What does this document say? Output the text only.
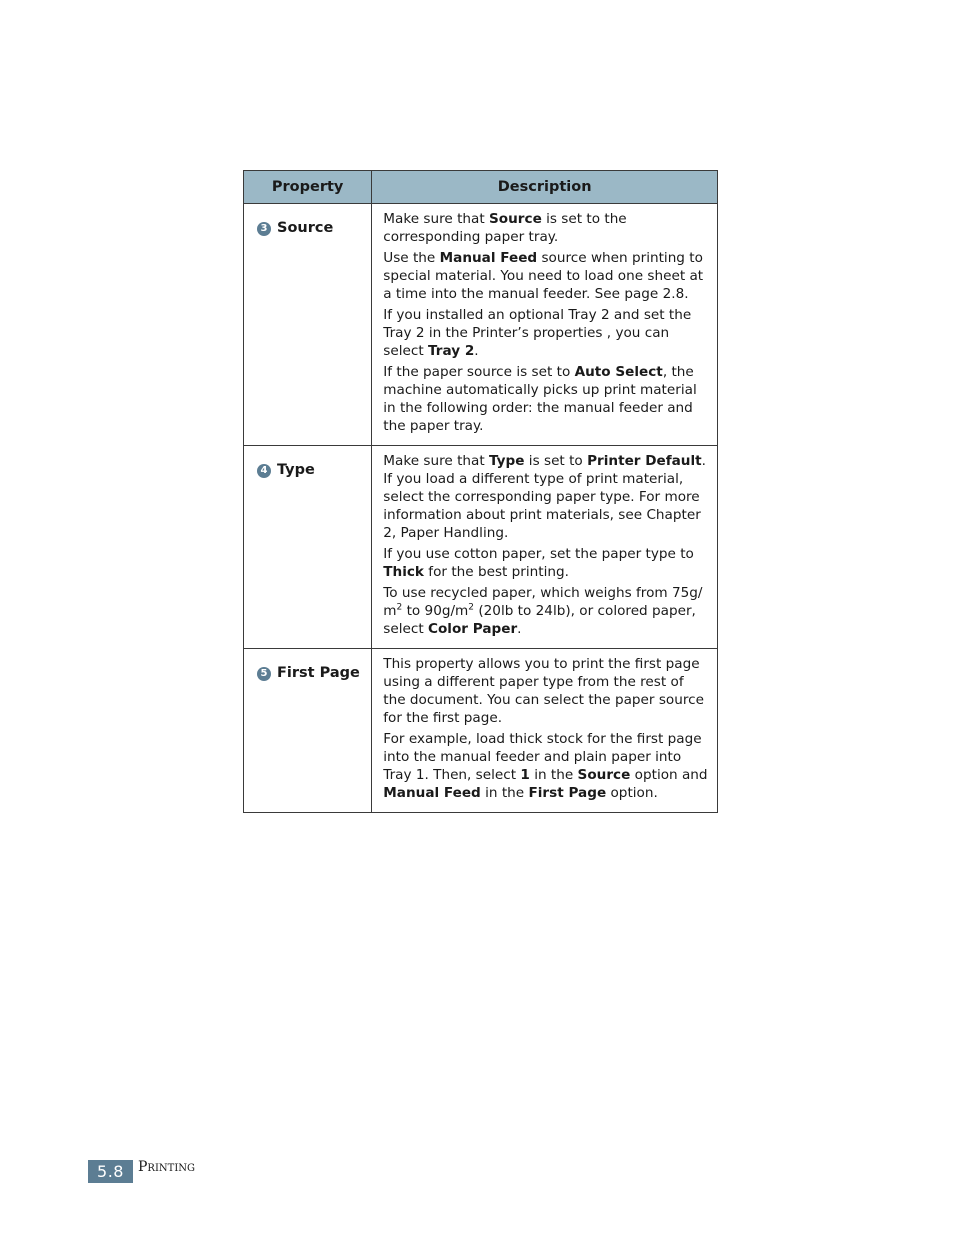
Property	Description
3 Source	Make sure that Source is set to the corresponding paper tray.

Use the Manual Feed source when printing to special material. You need to load one sheet at a time into the manual feeder. See page 2.8.

If you installed an optional Tray 2 and set the Tray 2 in the Printer’s properties , you can select Tray 2.

If the paper source is set to Auto Select, the machine automatically picks up print material in the following order: the manual feeder and the paper tray.

4 Type	Make sure that Type is set to Printer Default. If you load a different type of print material, select the corresponding paper type. For more information about print materials, see Chapter 2, Paper Handling.

If you use cotton paper, set the paper type to Thick for the best printing.

To use recycled paper, which weighs from 75g/ $m^2$ to $90g/m^2$ (20lb to 24lb), or colored paper, select Color Paper.

5 First Page	This property allows you to print the first page using a different paper type from the rest of the document. You can select the paper source for the first page.

For example, load thick stock for the first page into the manual feeder and plain paper into Tray 1. Then, select 1 in the Source option and Manual Feed in the First Page option.

5.8	Printing
